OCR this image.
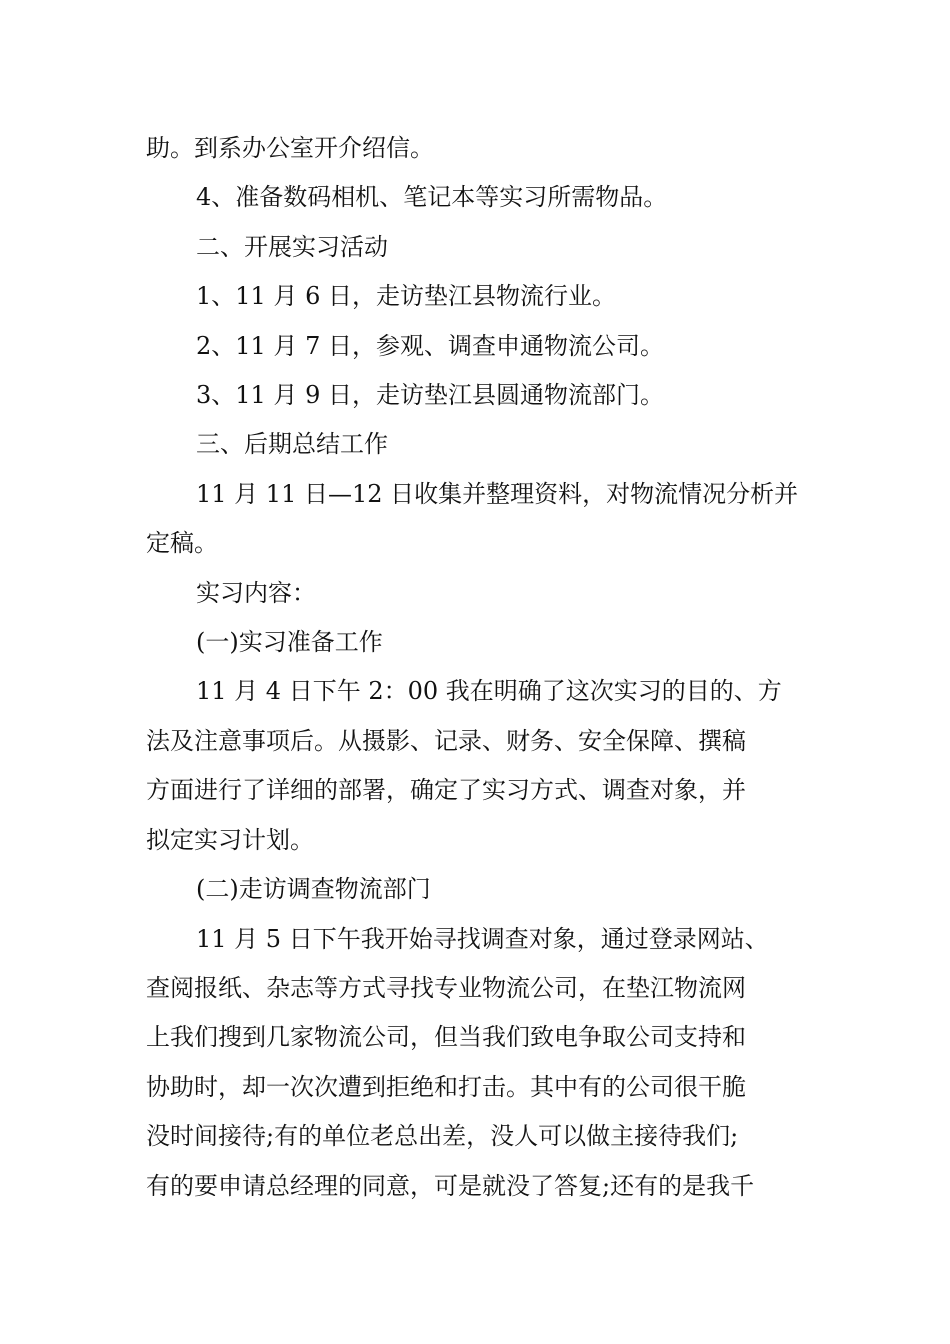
助。到系办公室开介绍信。

4、准备数码相机、笔记本等实习所需物品。

二、开展实习活动

1、11 月 6 日，走访垫江县物流行业。

2、11 月 7 日，参观、调查申通物流公司。

3、11 月 9 日，走访垫江县圆通物流部门。

三、后期总结工作

11 月 11 日—12 日收集并整理资料，对物流情况分析并

定稿。

实习内容：

(一)实习准备工作

11 月 4 日下午 2：00 我在明确了这次实习的目的、方

法及注意事项后。从摄影、记录、财务、安全保障、撰稿

方面进行了详细的部署，确定了实习方式、调查对象，并

拟定实习计划。

(二)走访调查物流部门

11 月 5 日下午我开始寻找调查对象，通过登录网站、

查阅报纸、杂志等方式寻找专业物流公司，在垫江物流网

上我们搜到几家物流公司，但当我们致电争取公司支持和

协助时，却一次次遭到拒绝和打击。其中有的公司很干脆

没时间接待;有的单位老总出差，没人可以做主接待我们;

有的要申请总经理的同意，可是就没了答复;还有的是我千
